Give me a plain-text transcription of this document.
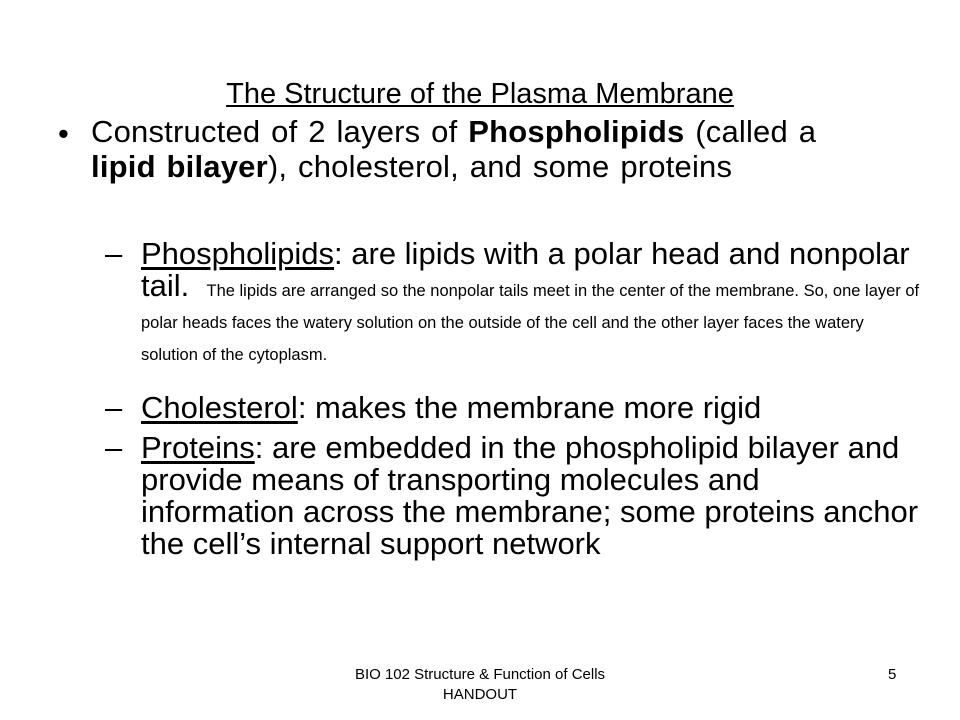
The Structure of the Plasma Membrane
• Constructed of 2 layers of Phospholipids (called a lipid bilayer), cholesterol, and some proteins
– Phospholipids: are lipids with a polar head and nonpolar tail. The lipids are arranged so the nonpolar tails meet in the center of the membrane. So, one layer of polar heads faces the watery solution on the outside of the cell and the other layer faces the watery solution of the cytoplasm.
– Cholesterol: makes the membrane more rigid
– Proteins: are embedded in the phospholipid bilayer and provide means of transporting molecules and information across the membrane; some proteins anchor the cell’s internal support network
BIO 102 Structure & Function of Cells HANDOUT
5
